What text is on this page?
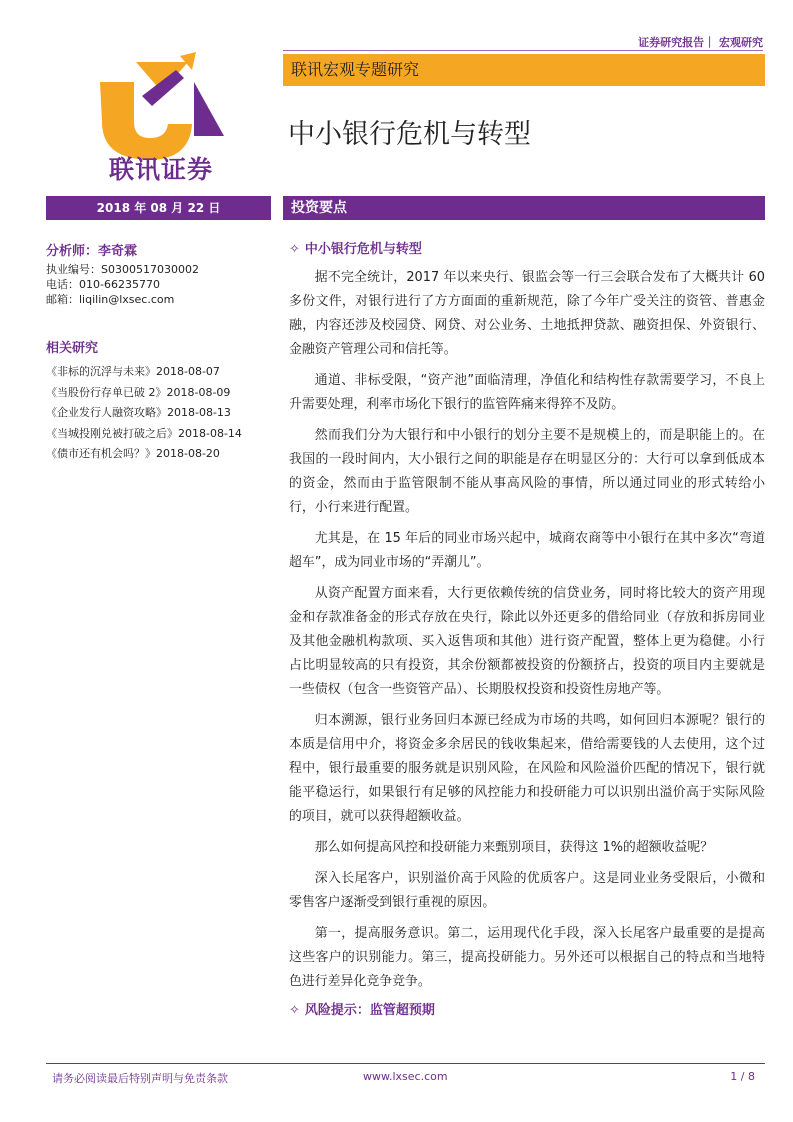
证券研究报告｜ 宏观研究
联讯证券
联讯宏观专题研究
中小银行危机与转型
2018 年 08 月 22 日	投资要点
分析师：李奇霖
执业编号：S0300517030002
电话：010-66235770
邮箱：liqilin@lxsec.com
相关研究
《非标的沉浮与未来》2018-08-07
《当股份行存单已破 2》2018-08-09
《企业发行人融资攻略》2018-08-13
《当城投刚兑被打破之后》2018-08-14
《债市还有机会吗？》2018-08-20
✧ 中小银行危机与转型

据不完全统计，2017 年以来央行、银监会等一行三会联合发布了大概共计 60 多份文件，对银行进行了方方面面的重新规范，除了今年广受关注的资管、普惠金融，内容还涉及校园贷、网贷、对公业务、土地抵押贷款、融资担保、外资银行、金融资产管理公司和信托等。

通道、非标受限，“资产池”面临清理，净值化和结构性存款需要学习，不良上升需要处理，利率市场化下银行的监管阵痛来得猝不及防。

然而我们分为大银行和中小银行的划分主要不是规模上的，而是职能上的。在我国的一段时间内，大小银行之间的职能是存在明显区分的：大行可以拿到低成本的资金，然而由于监管限制不能从事高风险的事情，所以通过同业的形式转给小行，小行来进行配置。

尤其是，在 15 年后的同业市场兴起中，城商农商等中小银行在其中多次“弯道超车”，成为同业市场的“弄潮儿”。

从资产配置方面来看，大行更依赖传统的信贷业务，同时将比较大的资产用现金和存款准备金的形式存放在央行，除此以外还更多的借给同业（存放和拆房同业及其他金融机构款项、买入返售项和其他）进行资产配置，整体上更为稳健。小行占比明显较高的只有投资，其余份额都被投资的份额挤占，投资的项目内主要就是一些债权（包含一些资管产品）、长期股权投资和投资性房地产等。

归本溯源，银行业务回归本源已经成为市场的共鸣，如何回归本源呢？银行的本质是信用中介，将资金多余居民的钱收集起来，借给需要钱的人去使用，这个过程中，银行最重要的服务就是识别风险，在风险和风险溢价匹配的情况下，银行就能平稳运行，如果银行有足够的风控能力和投研能力可以识别出溢价高于实际风险的项目，就可以获得超额收益。

那么如何提高风控和投研能力来甄别项目，获得这 1%的超额收益呢？

深入长尾客户，识别溢价高于风险的优质客户。这是同业业务受限后，小微和零售客户逐渐受到银行重视的原因。

第一，提高服务意识。第二，运用现代化手段，深入长尾客户最重要的是提高这些客户的识别能力。第三，提高投研能力。另外还可以根据自己的特点和当地特色进行差异化竞争竞争。

✧ 风险提示：监管超预期
请务必阅读最后特别声明与免责条款	www.lxsec.com	1 / 8
